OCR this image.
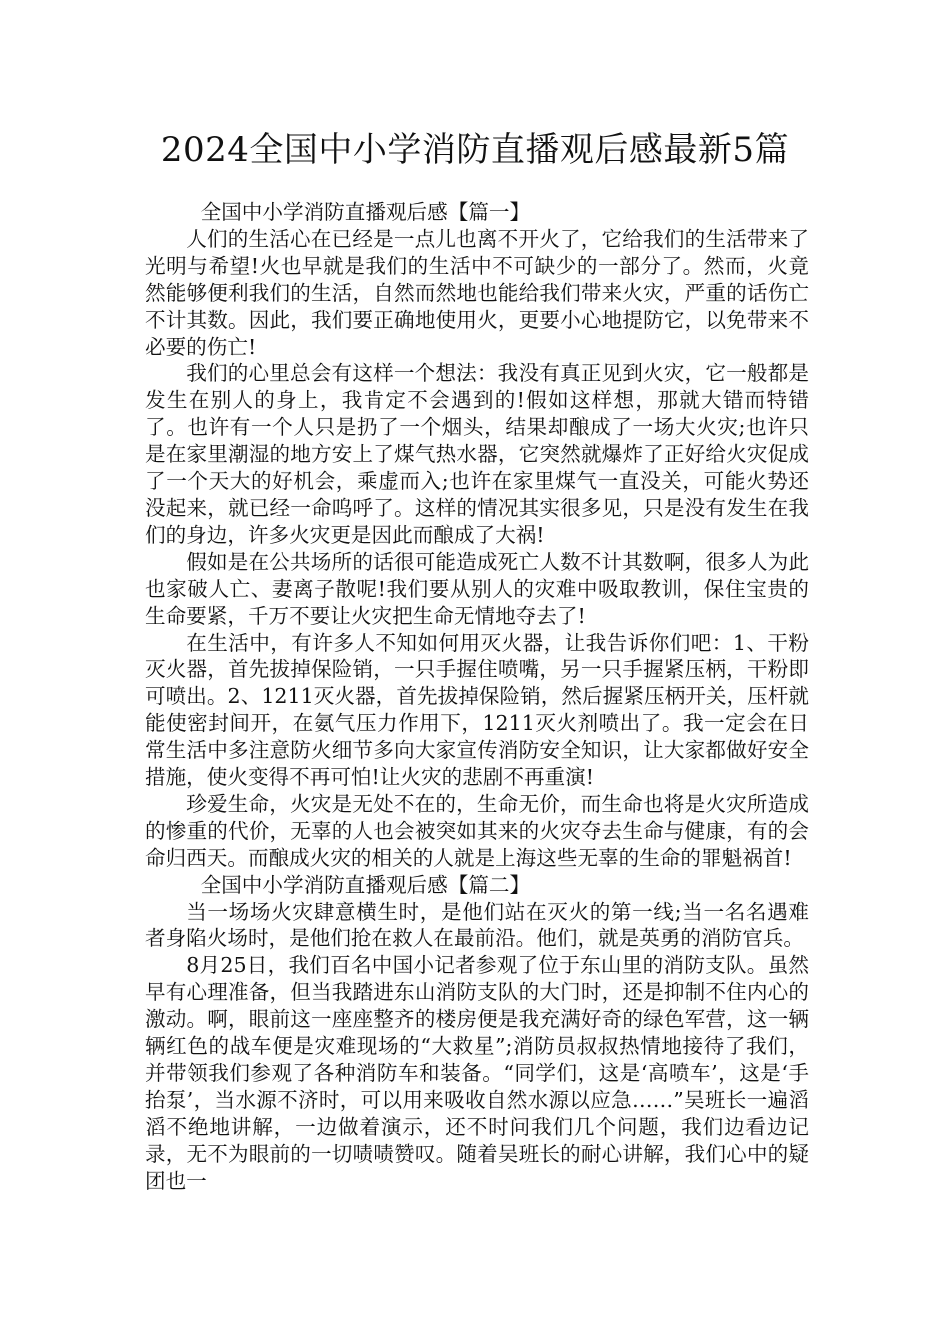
2024全国中小学消防直播观后感最新5篇

全国中小学消防直播观后感【篇一】

人们的生活心在已经是一点儿也离不开火了，它给我们的生活带来了光明与希望!火也早就是我们的生活中不可缺少的一部分了。然而，火竟然能够便利我们的生活，自然而然地也能给我们带来火灾，严重的话伤亡不计其数。因此，我们要正确地使用火，更要小心地提防它，以免带来不必要的伤亡!

我们的心里总会有这样一个想法：我没有真正见到火灾，它一般都是发生在别人的身上，我肯定不会遇到的!假如这样想，那就大错而特错了。也许有一个人只是扔了一个烟头，结果却酿成了一场大火灾;也许只是在家里潮湿的地方安上了煤气热水器，它突然就爆炸了正好给火灾促成了一个天大的好机会，乘虚而入;也许在家里煤气一直没关，可能火势还没起来，就已经一命呜呼了。这样的情况其实很多见，只是没有发生在我们的身边，许多火灾更是因此而酿成了大祸!

假如是在公共场所的话很可能造成死亡人数不计其数啊，很多人为此也家破人亡、妻离子散呢!我们要从别人的灾难中吸取教训，保住宝贵的生命要紧，千万不要让火灾把生命无情地夺去了!

在生活中，有许多人不知如何用灭火器，让我告诉你们吧：1、干粉灭火器，首先拔掉保险销，一只手握住喷嘴，另一只手握紧压柄，干粉即可喷出。2、1211灭火器，首先拔掉保险销，然后握紧压柄开关，压杆就能使密封间开，在氨气压力作用下，1211灭火剂喷出了。我一定会在日常生活中多注意防火细节多向大家宣传消防安全知识，让大家都做好安全措施，使火变得不再可怕!让火灾的悲剧不再重演!

珍爱生命，火灾是无处不在的，生命无价，而生命也将是火灾所造成的惨重的代价，无辜的人也会被突如其来的火灾夺去生命与健康，有的会命归西天。而酿成火灾的相关的人就是上海这些无辜的生命的罪魁祸首!

全国中小学消防直播观后感【篇二】

当一场场火灾肆意横生时，是他们站在灭火的第一线;当一名名遇难者身陷火场时，是他们抢在救人在最前沿。他们，就是英勇的消防官兵。

8月25日，我们百名中国小记者参观了位于东山里的消防支队。虽然早有心理准备，但当我踏进东山消防支队的大门时，还是抑制不住内心的激动。啊，眼前这一座座整齐的楼房便是我充满好奇的绿色军营，这一辆辆红色的战车便是灾难现场的“大救星”;消防员叔叔热情地接待了我们，并带领我们参观了各种消防车和装备。“同学们，这是‘高喷车’，这是‘手抬泵’，当水源不济时，可以用来吸收自然水源以应急……”吴班长一遍滔滔不绝地讲解，一边做着演示，还不时问我们几个问题，我们边看边记录，无不为眼前的一切啧啧赞叹。随着吴班长的耐心讲解，我们心中的疑团也一
